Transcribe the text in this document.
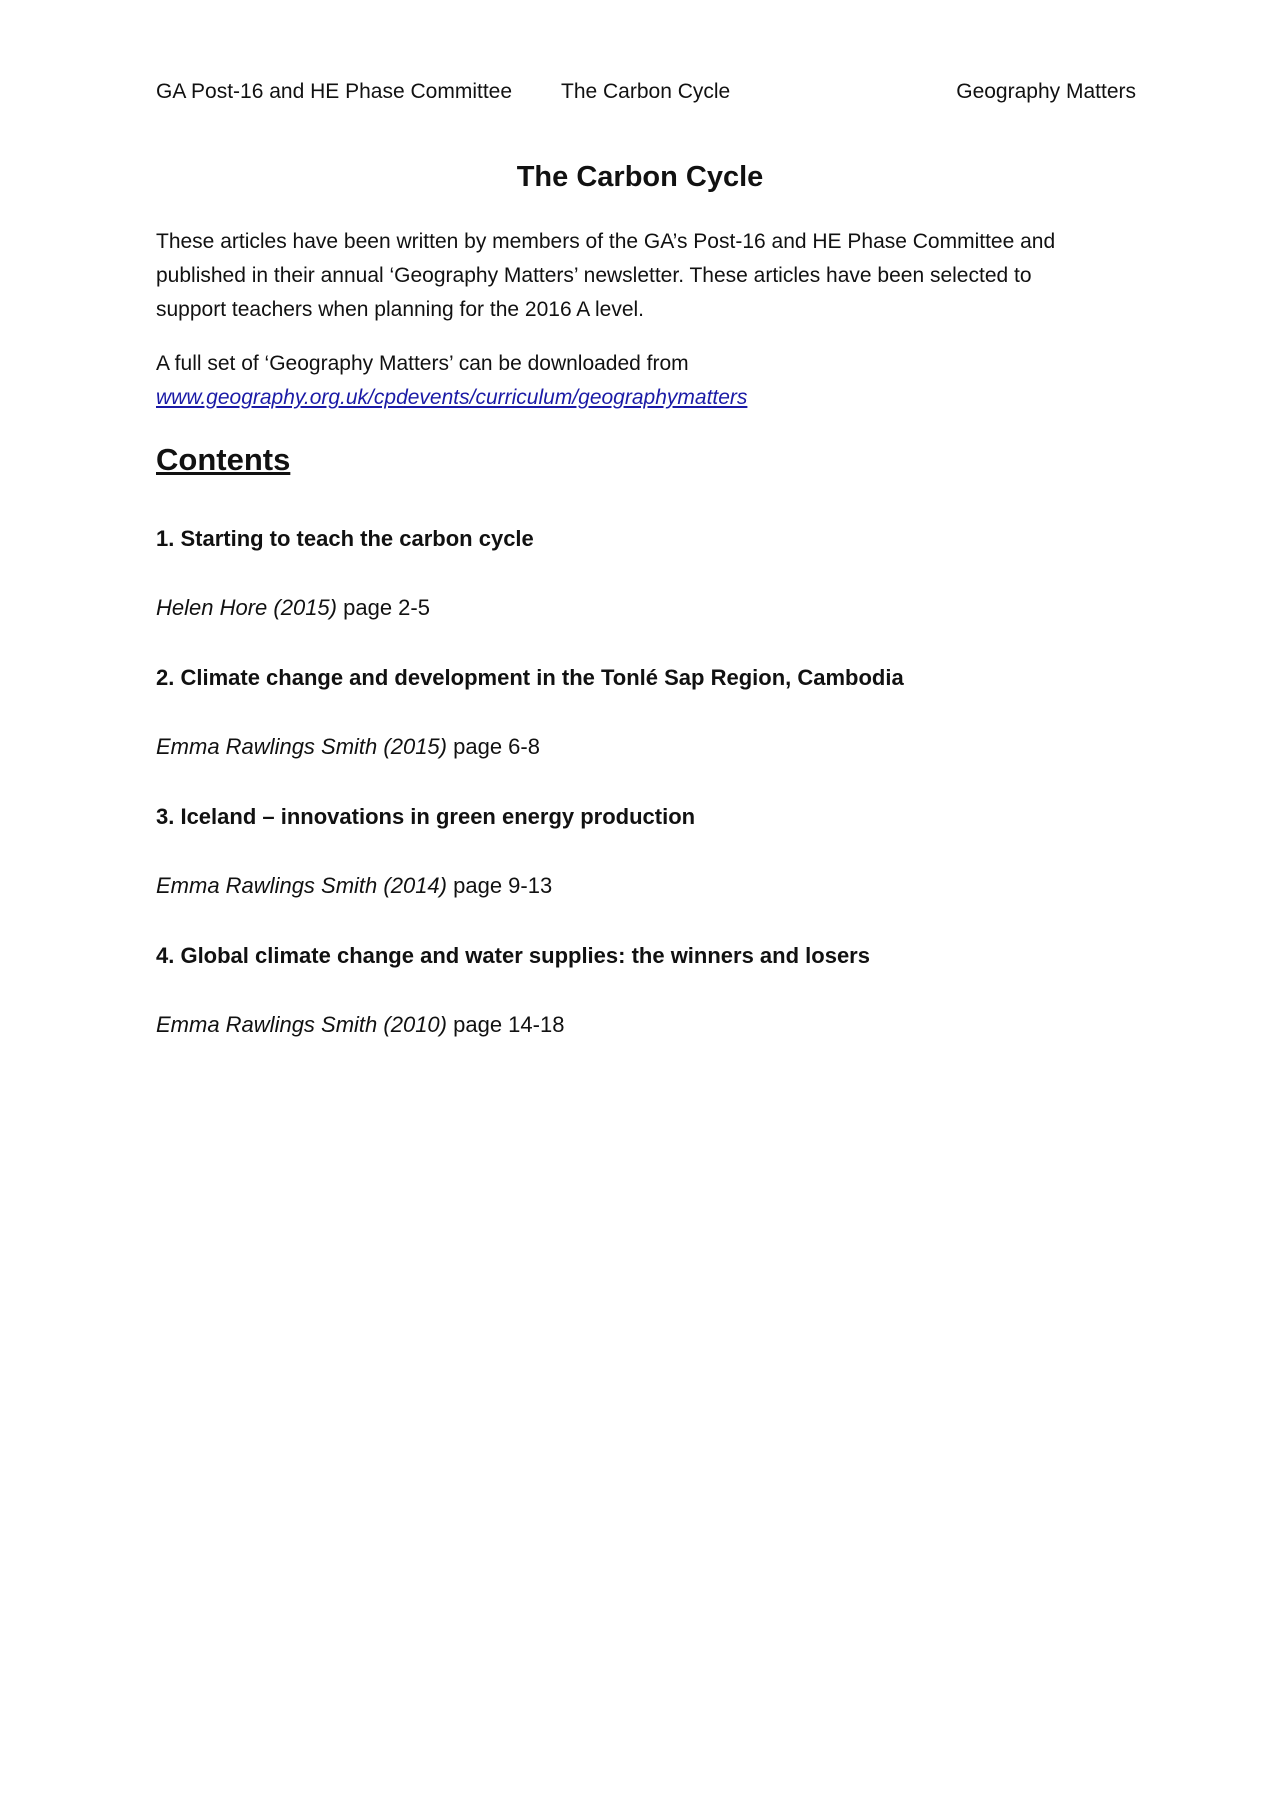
GA Post-16 and HE Phase Committee The Carbon Cycle	Geography Matters
The Carbon Cycle

These articles have been written by members of the GA’s Post-16 and HE Phase Committee and published in their annual ‘Geography Matters’ newsletter. These articles have been selected to support teachers when planning for the 2016 A level.

A full set of ‘Geography Matters’ can be downloaded from
www.geography.org.uk/cpdevents/curriculum/geographymatters

Contents
1. Starting to teach the carbon cycle
Helen Hore (2015) page 2-5
2. Climate change and development in the Tonlé Sap Region, Cambodia
Emma Rawlings Smith (2015) page 6-8
3. Iceland – innovations in green energy production
Emma Rawlings Smith (2014) page 9-13
4. Global climate change and water supplies: the winners and losers
Emma Rawlings Smith (2010) page 14-18
